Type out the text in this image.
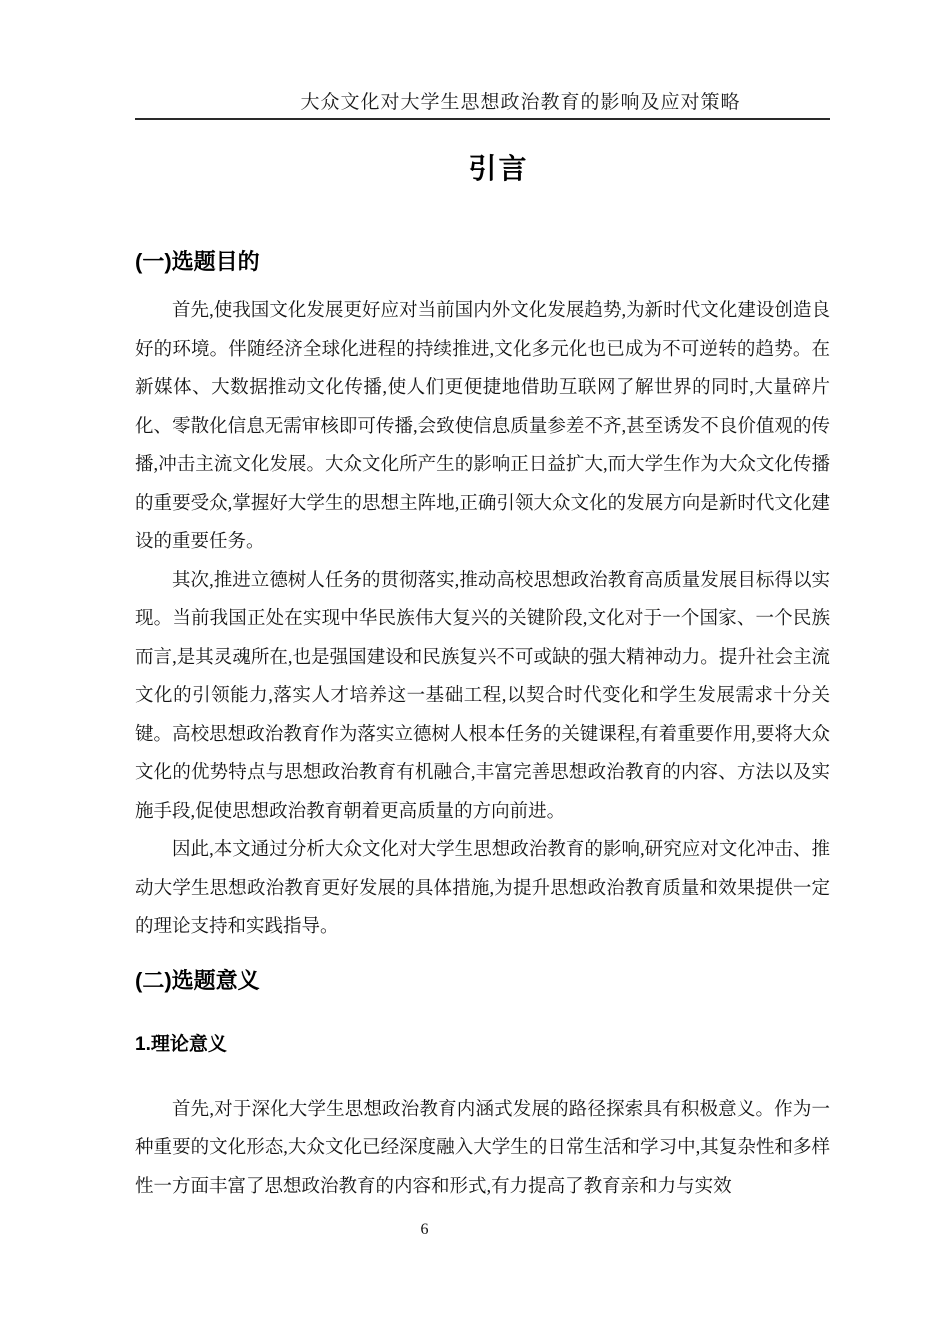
大众文化对大学生思想政治教育的影响及应对策略
引言
(一)选题目的

首先,使我国文化发展更好应对当前国内外文化发展趋势,为新时代文化建设创造良好的环境。伴随经济全球化进程的持续推进,文化多元化也已成为不可逆转的趋势。在新媒体、大数据推动文化传播,使人们更便捷地借助互联网了解世界的同时,大量碎片化、零散化信息无需审核即可传播,会致使信息质量参差不齐,甚至诱发不良价值观的传播,冲击主流文化发展。大众文化所产生的影响正日益扩大,而大学生作为大众文化传播的重要受众,掌握好大学生的思想主阵地,正确引领大众文化的发展方向是新时代文化建设的重要任务。

其次,推进立德树人任务的贯彻落实,推动高校思想政治教育高质量发展目标得以实现。当前我国正处在实现中华民族伟大复兴的关键阶段,文化对于一个国家、一个民族而言,是其灵魂所在,也是强国建设和民族复兴不可或缺的强大精神动力。提升社会主流文化的引领能力,落实人才培养这一基础工程,以契合时代变化和学生发展需求十分关键。高校思想政治教育作为落实立德树人根本任务的关键课程,有着重要作用,要将大众文化的优势特点与思想政治教育有机融合,丰富完善思想政治教育的内容、方法以及实施手段,促使思想政治教育朝着更高质量的方向前进。

因此,本文通过分析大众文化对大学生思想政治教育的影响,研究应对文化冲击、推动大学生思想政治教育更好发展的具体措施,为提升思想政治教育质量和效果提供一定的理论支持和实践指导。

(二)选题意义
1.理论意义

首先,对于深化大学生思想政治教育内涵式发展的路径探索具有积极意义。作为一种重要的文化形态,大众文化已经深度融入大学生的日常生活和学习中,其复杂性和多样性一方面丰富了思想政治教育的内容和形式,有力提高了教育亲和力与实效

6
